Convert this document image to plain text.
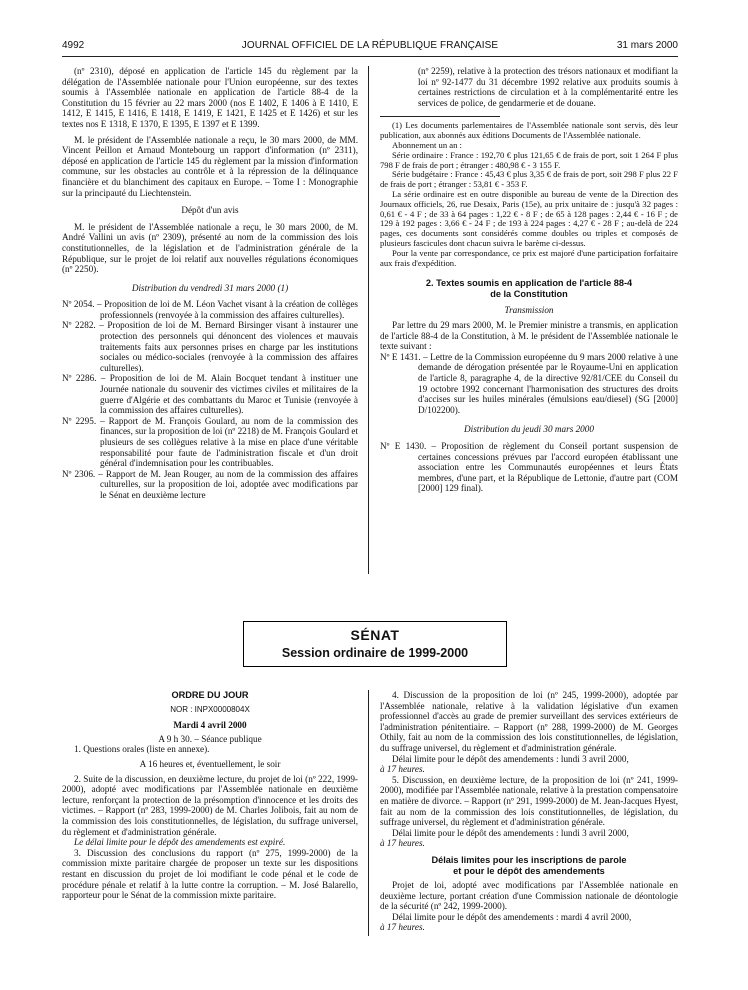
4992	JOURNAL OFFICIEL DE LA RÉPUBLIQUE FRANÇAISE	31 mars 2000

(nº 2310), déposé en application de l'article 145 du règlement par la délégation de l'Assemblée nationale pour l'Union européenne, sur des textes soumis à l'Assemblée nationale en application de l'article 88-4 de la Constitution du 15 février au 22 mars 2000 (nos E 1402, E 1406 à E 1410, E 1412, E 1415, E 1416, E 1418, E 1419, E 1421, E 1425 et E 1426) et sur les textes nos E 1318, E 1370, E 1395, E 1397 et E 1399.

M. le président de l'Assemblée nationale a reçu, le 30 mars 2000, de MM. Vincent Peillon et Arnaud Montebourg un rapport d'information (nº 2311), déposé en application de l'article 145 du règlement par la mission d'information commune, sur les obstacles au contrôle et à la répression de la délinquance financière et du blanchiment des capitaux en Europe. – Tome I : Monographie sur la principauté du Liechtenstein.

Dépôt d'un avis

M. le président de l'Assemblée nationale a reçu, le 30 mars 2000, de M. André Vallini un avis (nº 2309), présenté au nom de la commission des lois constitutionnelles, de la législation et de l'administration générale de la République, sur le projet de loi relatif aux nouvelles régulations économiques (nº 2250).

Distribution du vendredi 31 mars 2000 (1)

Nº 2054. – Proposition de loi de M. Léon Vachet visant à la création de collèges professionnels (renvoyée à la commission des affaires culturelles).

Nº 2282. – Proposition de loi de M. Bernard Birsinger visant à instaurer une protection des personnels qui dénoncent des violences et mauvais traitements faits aux personnes prises en charge par les institutions sociales ou médico-sociales (renvoyée à la commission des affaires culturelles).

Nº 2286. – Proposition de loi de M. Alain Bocquet tendant à instituer une Journée nationale du souvenir des victimes civiles et militaires de la guerre d'Algérie et des combattants du Maroc et Tunisie (renvoyée à la commission des affaires culturelles).

Nº 2295. – Rapport de M. François Goulard, au nom de la commission des finances, sur la proposition de loi (nº 2218) de M. François Goulard et plusieurs de ses collègues relative à la mise en place d'une véritable responsabilité pour faute de l'administration fiscale et d'un droit général d'indemnisation pour les contribuables.

Nº 2306. – Rapport de M. Jean Rouger, au nom de la commission des affaires culturelles, sur la proposition de loi, adoptée avec modifications par le Sénat en deuxième lecture

(nº 2259), relative à la protection des trésors nationaux et modifiant la loi nº 92-1477 du 31 décembre 1992 relative aux produits soumis à certaines restrictions de circulation et à la complémentarité entre les services de police, de gendarmerie et de douane.

(1) Les documents parlementaires de l'Assemblée nationale sont servis, dès leur publication, aux abonnés aux éditions Documents de l'Assemblée nationale.

Abonnement un an :

Série ordinaire : France : 192,70 € plus 121,65 € de frais de port, soit 1 264 F plus 798 F de frais de port ; étranger : 480,98 € - 3 155 F.

Série budgétaire : France : 45,43 € plus 3,35 € de frais de port, soit 298 F plus 22 F de frais de port ; étranger : 53,81 € - 353 F.

La série ordinaire est en outre disponible au bureau de vente de la Direction des Journaux officiels, 26, rue Desaix, Paris (15e), au prix unitaire de : jusqu'à 32 pages : 0,61 € - 4 F ; de 33 à 64 pages : 1,22 € - 8 F ; de 65 à 128 pages : 2,44 € - 16 F ; de 129 à 192 pages : 3,66 € - 24 F ; de 193 à 224 pages : 4,27 € - 28 F ; au-delà de 224 pages, ces documents sont considérés comme doubles ou triples et composés de plusieurs fascicules dont chacun suivra le barème ci-dessus.

Pour la vente par correspondance, ce prix est majoré d'une participation forfaitaire aux frais d'expédition.

2. Textes soumis en application de l'article 88-4

de la Constitution

Transmission

Par lettre du 29 mars 2000, M. le Premier ministre a transmis, en application de l'article 88-4 de la Constitution, à M. le président de l'Assemblée nationale le texte suivant :

Nº E 1431. – Lettre de la Commission européenne du 9 mars 2000 relative à une demande de dérogation présentée par le Royaume-Uni en application de l'article 8, paragraphe 4, de la directive 92/81/CEE du Conseil du 19 octobre 1992 concernant l'harmonisation des structures des droits d'accises sur les huiles minérales (émulsions eau/diesel) (SG [2000] D/102200).

Distribution du jeudi 30 mars 2000

Nº E 1430. – Proposition de règlement du Conseil portant suspension de certaines concessions prévues par l'accord européen établissant une association entre les Communautés européennes et leurs États membres, d'une part, et la République de Lettonie, d'autre part (COM [2000] 129 final).

SÉNAT
Session ordinaire de 1999-2000

ORDRE DU JOUR

NOR : INPX0000804X

Mardi 4 avril 2000

A 9 h 30. – Séance publique

1. Questions orales (liste en annexe).

A 16 heures et, éventuellement, le soir

2. Suite de la discussion, en deuxième lecture, du projet de loi (nº 222, 1999-2000), adopté avec modifications par l'Assemblée nationale en deuxième lecture, renforçant la protection de la présomption d'innocence et les droits des victimes. – Rapport (nº 283, 1999-2000) de M. Charles Jolibois, fait au nom de la commission des lois constitutionnelles, de législation, du suffrage universel, du règlement et d'administration générale.

Le délai limite pour le dépôt des amendements est expiré.

3. Discussion des conclusions du rapport (nº 275, 1999-2000) de la commission mixte paritaire chargée de proposer un texte sur les dispositions restant en discussion du projet de loi modifiant le code pénal et le code de procédure pénale et relatif à la lutte contre la corruption. – M. José Balarello, rapporteur pour le Sénat de la commission mixte paritaire.

4. Discussion de la proposition de loi (nº 245, 1999-2000), adoptée par l'Assemblée nationale, relative à la validation législative d'un examen professionnel d'accès au grade de premier surveillant des services extérieurs de l'administration pénitentiaire. – Rapport (nº 288, 1999-2000) de M. Georges Othily, fait au nom de la commission des lois constitutionnelles, de législation, du suffrage universel, du règlement et d'administration générale.

Délai limite pour le dépôt des amendements : lundi 3 avril 2000,

à 17 heures.

5. Discussion, en deuxième lecture, de la proposition de loi (nº 241, 1999-2000), modifiée par l'Assemblée nationale, relative à la prestation compensatoire en matière de divorce. – Rapport (nº 291, 1999-2000) de M. Jean-Jacques Hyest, fait au nom de la commission des lois constitutionnelles, de législation, du suffrage universel, du règlement et d'administration générale.

Délai limite pour le dépôt des amendements : lundi 3 avril 2000,

à 17 heures.

Délais limites pour les inscriptions de parole

et pour le dépôt des amendements

Projet de loi, adopté avec modifications par l'Assemblée nationale en deuxième lecture, portant création d'une Commission nationale de déontologie de la sécurité (nº 242, 1999-2000).

Délai limite pour le dépôt des amendements : mardi 4 avril 2000,

à 17 heures.
